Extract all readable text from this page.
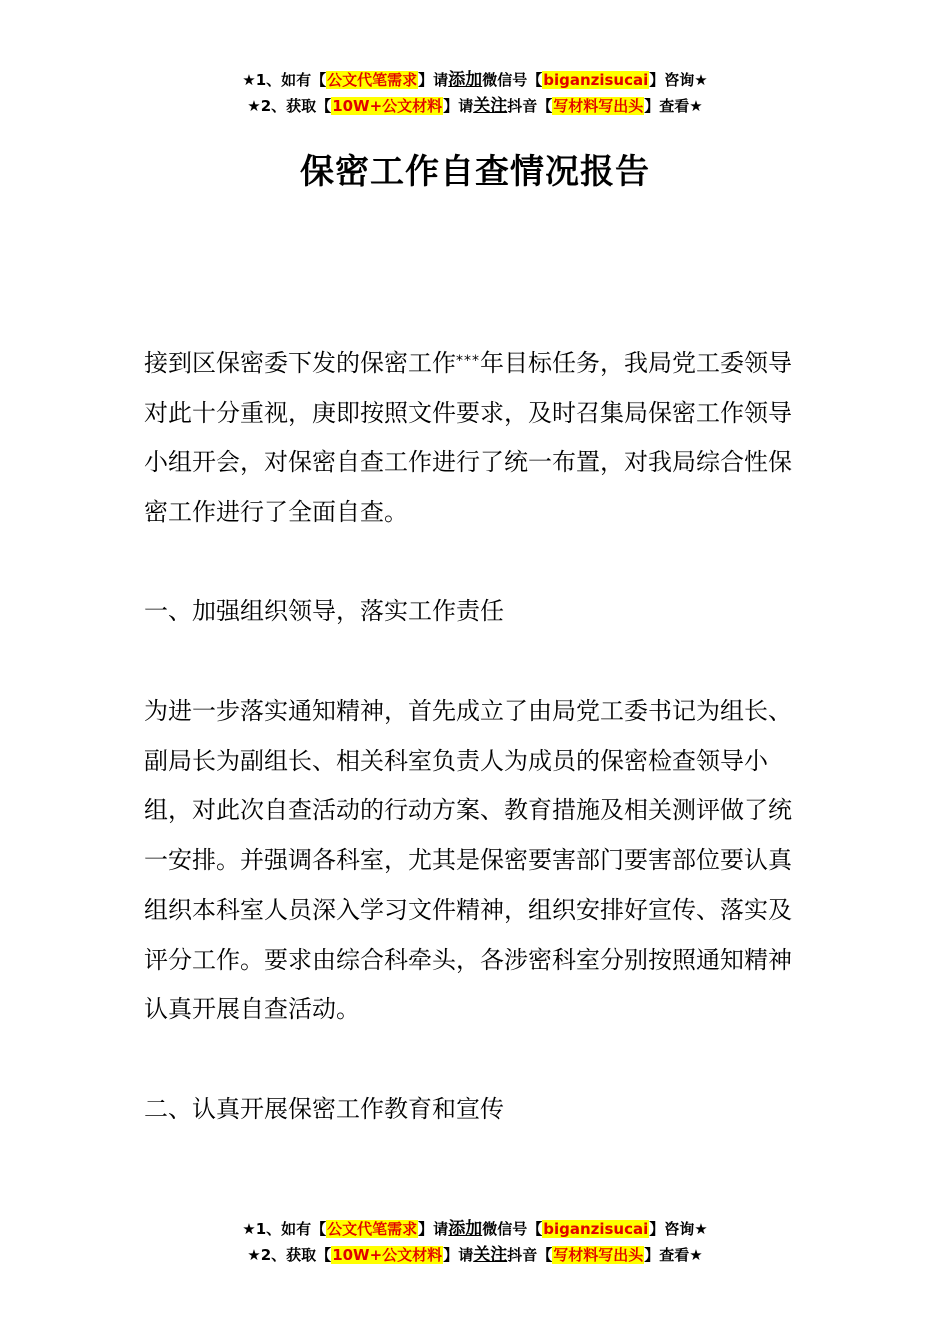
★1、如有【公文代笔需求】请添加微信号【biganzisucai】咨询★
★2、获取【10W+公文材料】请关注抖音【写材料写出头】查看★
保密工作自查情况报告

接到区保密委下发的保密工作***年目标任务，我局党工委领导对此十分重视，庚即按照文件要求，及时召集局保密工作领导小组开会，对保密自查工作进行了统一布置，对我局综合性保密工作进行了全面自查。

一、加强组织领导，落实工作责任

为进一步落实通知精神，首先成立了由局党工委书记为组长、副局长为副组长、相关科室负责人为成员的保密检查领导小组，对此次自查活动的行动方案、教育措施及相关测评做了统一安排。并强调各科室，尤其是保密要害部门要害部位要认真组织本科室人员深入学习文件精神，组织安排好宣传、落实及评分工作。要求由综合科牵头，各涉密科室分别按照通知精神认真开展自查活动。

二、认真开展保密工作教育和宣传

★1、如有【公文代笔需求】请添加微信号【biganzisucai】咨询★
★2、获取【10W+公文材料】请关注抖音【写材料写出头】查看★
